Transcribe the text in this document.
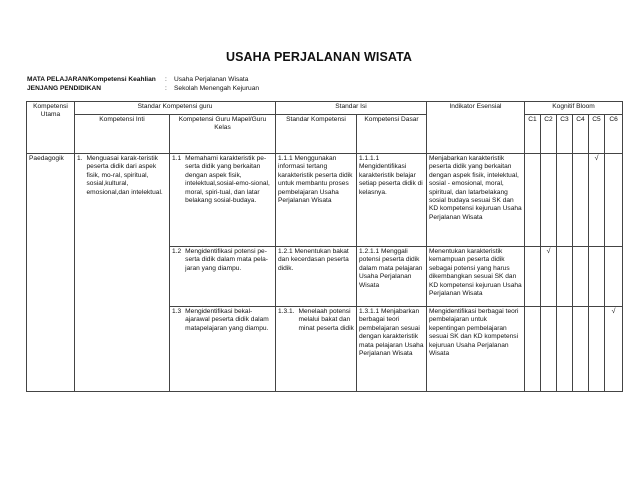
USAHA PERJALANAN WISATA
MATA PELAJARAN/Kompetensi Keahlian	:	Usaha Perjalanan Wisata
JENJANG PENDIDIKAN	:	Sekolah Menengah Kejuruan
Kompetensi Utama	Standar Kompetensi guru		Standar Isi		Indikator Esensial	Kognitif Bloom					
	Kompetensi Inti	Kompetensi Guru Mapel/Guru Kelas	Standar Kompetensi	Kompetensi Dasar							
						C1	C2	C3	C4	C5	C6
Paedagogik	1. Menguasai karak-teristik peserta didik dari aspek fisik, mo-ral, spiritual, sosial,kultural, emosional,dan intelektual.	1.1 Memahami karakteristik pe-serta didik yang berkaitan dengan aspek fisik, intelektual,sosial-emo-sional, moral, spiri-tual, dan latar belakang sosial-budaya.	1.1.1 Menggunakan informasi tertang karakteristik peserta didik untuk membantu proses pembelajaran Usaha Perjalanan Wisata	1.1.1.1 Mengidentifikasi karakteristik belajar setiap peserta didik di kelasnya.	Menjabarkan karakteristik peserta didik yang berkaitan dengan aspek fisik, intelektual, sosial - emosional, moral, spiritual, dan latarbelakang sosial budaya sesuai SK dan KD kompetensi kejuruan Usaha Perjalanan Wisata					√	

		1.2 Mengidentifikasi potensi pe-serta didik dalam mata pela-jaran yang diampu.	1.2.1 Menentukan bakat dan kecerdasan peserta didik.	1.2.1.1 Menggali potensi peserta didik dalam mata pelajaran Usaha Perjalanan Wisata	Menentukan karakteristik kemampuan peserta didik sebagai potensi yang harus dikembangkan sesuai SK dan KD kompetensi kejuruan Usaha Perjalanan Wisata		√				

		1.3 Mengidentifikasi bekal-ajarawal peserta didik dalam matapelajaran yang diampu.	1.3.1. Menelaah potensi melalui bakat dan minat peserta didik	1.3.1.1 Menjabarkan berbagai teori pembelajaran sesuai dengan karakteristik mata pelajaran Usaha Perjalanan Wisata	Mengidentifikasi berbagai teori pembelajaran untuk kepentingan pembelajaran sesuai SK dan KD kompetensi kejuruan Usaha Perjalanan Wisata						√
